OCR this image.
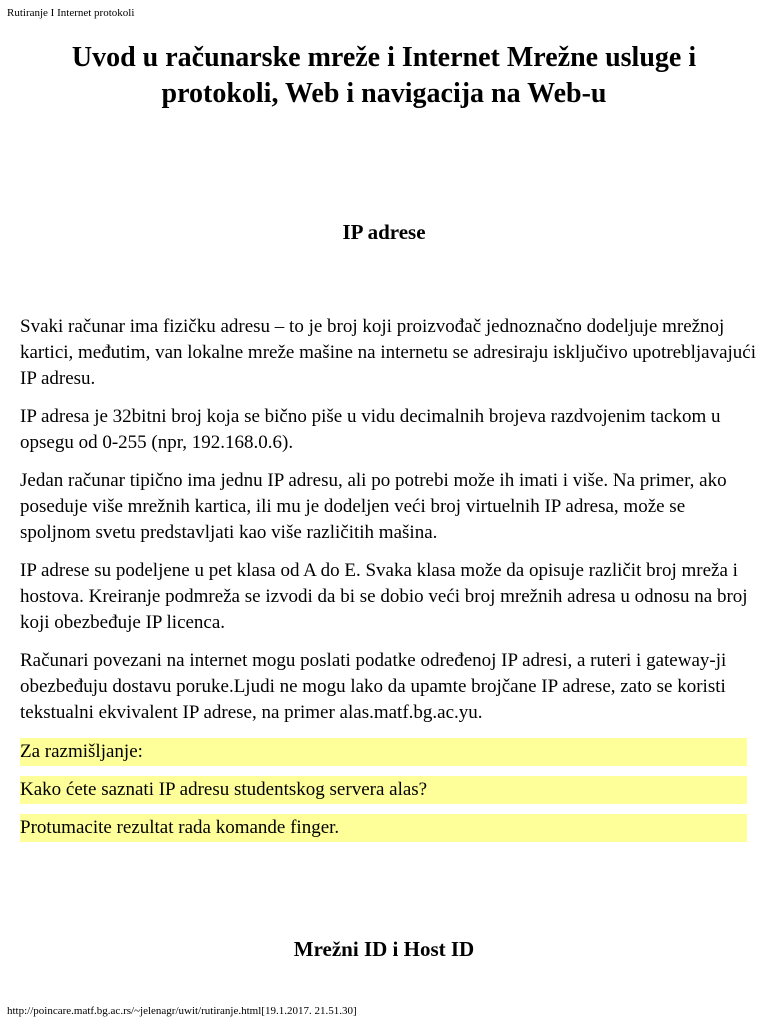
Rutiranje I Internet protokoli
Uvod u računarske mreže i Internet Mrežne usluge i protokoli, Web i navigacija na Web-u
IP adrese

Svaki računar ima fizičku adresu – to je broj koji proizvođač jednoznačno dodeljuje mrežnoj kartici, međutim, van lokalne mreže mašine na internetu se adresiraju isključivo upotrebljavajući IP adresu.

IP adresa je 32bitni broj koja se bično piše u vidu decimalnih brojeva razdvojenim tackom u opsegu od 0-255 (npr, 192.168.0.6).

Jedan računar tipično ima jednu IP adresu, ali po potrebi može ih imati i više. Na primer, ako poseduje više mrežnih kartica, ili mu je dodeljen veći broj virtuelnih IP adresa, može se spoljnom svetu predstavljati kao više različitih mašina.

IP adrese su podeljene u pet klasa od A do E. Svaka klasa može da opisuje različit broj mreža i hostova. Kreiranje podmreža se izvodi da bi se dobio veći broj mrežnih adresa u odnosu na broj koji obezbeđuje IP licenca.

Računari povezani na internet mogu poslati podatke određenoj IP adresi, a ruteri i gateway-ji obezbeđuju dostavu poruke.Ljudi ne mogu lako da upamte brojčane IP adrese, zato se koristi tekstualni ekvivalent IP adrese, na primer alas.matf.bg.ac.yu.

Za razmišljanje:

Kako ćete saznati IP adresu studentskog servera alas?

Protumacite rezultat rada komande finger.

Mrežni ID i Host ID
http://poincare.matf.bg.ac.rs/~jelenagr/uwit/rutiranje.html[19.1.2017. 21.51.30]
